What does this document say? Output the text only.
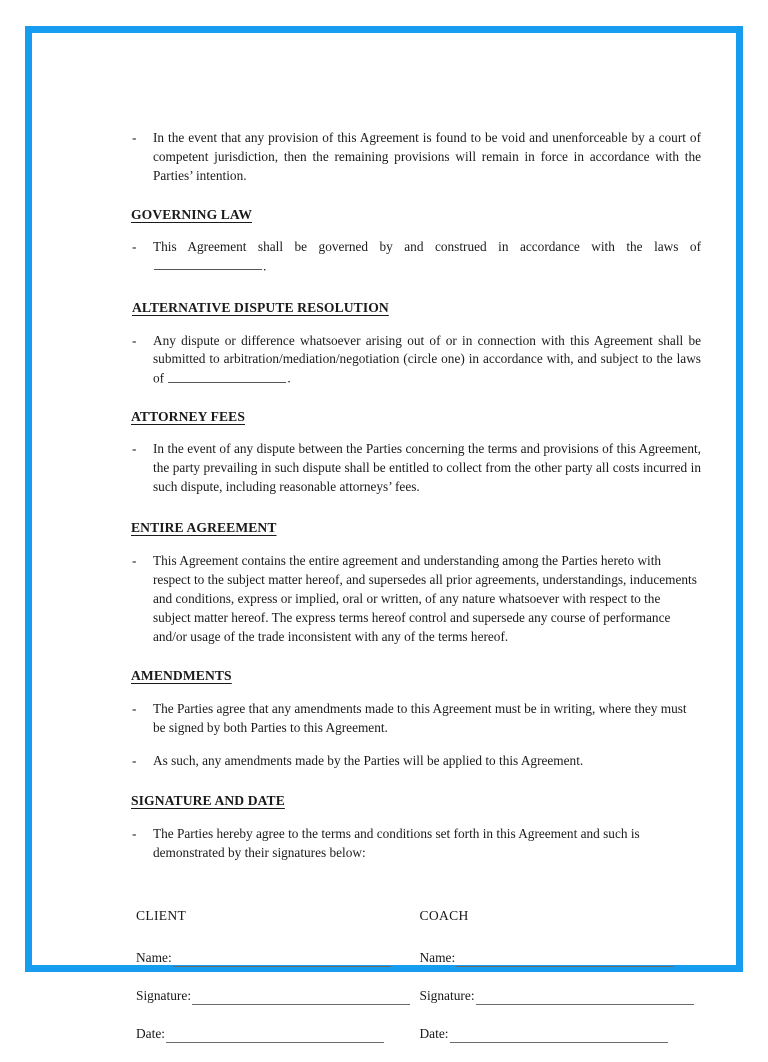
- In the event that any provision of this Agreement is found to be void and unenforceable by a court of competent jurisdiction, then the remaining provisions will remain in force in accordance with the Parties’ intention.
GOVERNING LAW
- This Agreement shall be governed by and construed in accordance with the laws of .
ALTERNATIVE DISPUTE RESOLUTION
- Any dispute or difference whatsoever arising out of or in connection with this Agreement shall be submitted to arbitration/mediation/negotiation (circle one) in accordance with, and subject to the laws of	.
ATTORNEY FEES
- In the event of any dispute between the Parties concerning the terms and provisions of this Agreement, the party prevailing in such dispute shall be entitled to collect from the other party all costs incurred in such dispute, including reasonable attorneys’ fees.
ENTIRE AGREEMENT
- This Agreement contains the entire agreement and understanding among the Parties hereto with respect to the subject matter hereof, and supersedes all prior agreements, understandings, inducements and conditions, express or implied, oral or written, of any nature whatsoever with respect to the subject matter hereof. The express terms hereof control and supersede any course of performance and/or usage of the trade inconsistent with any of the terms hereof.
AMENDMENTS
- The Parties agree that any amendments made to this Agreement must be in writing, where they must be signed by both Parties to this Agreement.
- As such, any amendments made by the Parties will be applied to this Agreement.
SIGNATURE AND DATE
- The Parties hereby agree to the terms and conditions set forth in this Agreement and such is demonstrated by their signatures below:
CLIENT
Name:
Signature:
Date:
COACH
Name:
Signature:
Date:
